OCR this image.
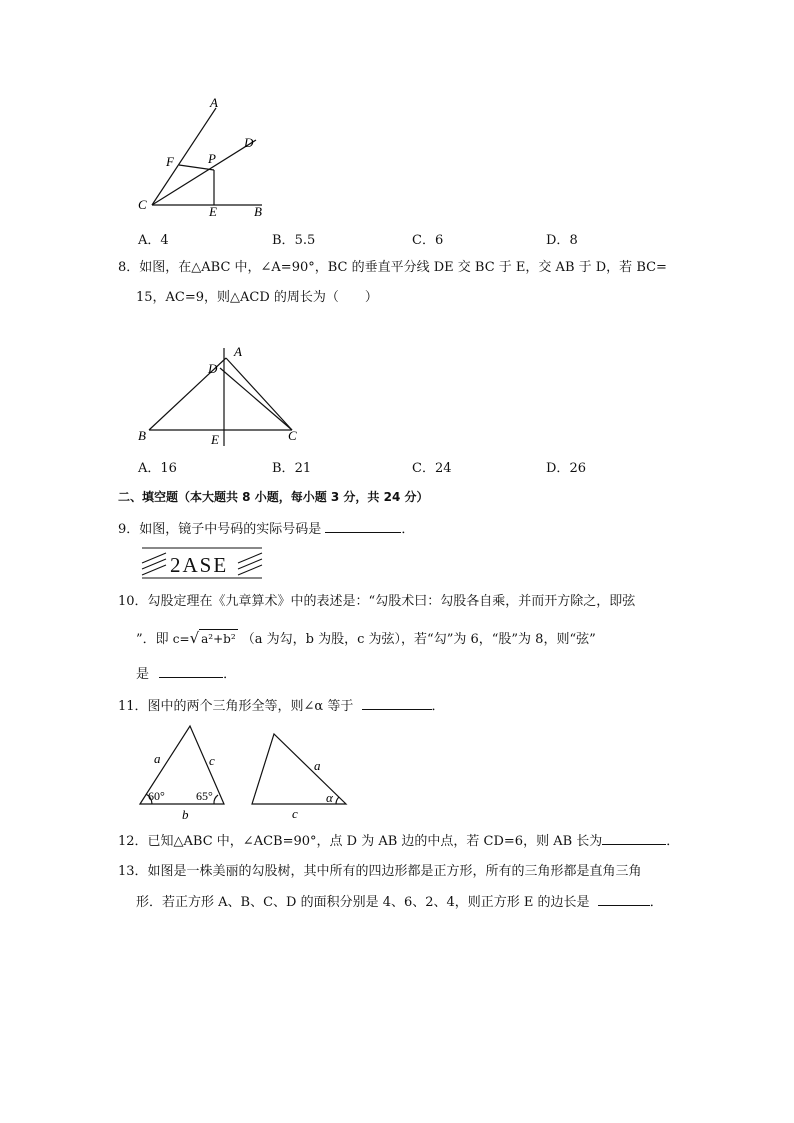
A
D
F	P
C	E	B
A．4	B．5.5	C．6	D．8
8．如图，在△ABC 中，∠A=90°，BC 的垂直平分线 DE 交 BC 于 E，交 AB 于 D，若 BC=
15，AC=9，则△ACD 的周长为（　　）
A
D
B	E	C
A．16	B．21	C．24	D．26
二、填空题（本大题共 8 小题，每小题 3 分，共 24 分）
9．如图，镜子中号码的实际号码是	．
2ASE
10．勾股定理在《九章算术》中的表述是：“勾股术曰：勾股各自乘，并而开方除之，即弦
”．即 c=√ a²+b² （a 为勾，b 为股，c 为弦），若“勾”为 6，“股”为 8，则“弦”
是	．
11．图中的两个三角形全等，则∠α 等于	．
a	c
b
60°	65°
a
c
α
12．已知△ABC 中，∠ACB=90°，点 D 为 AB 边的中点，若 CD=6，则 AB 长为	．
13．如图是一株美丽的勾股树，其中所有的四边形都是正方形，所有的三角形都是直角三角
形．若正方形 A、B、C、D 的面积分别是 4、6、2、4，则正方形 E 的边长是	．
